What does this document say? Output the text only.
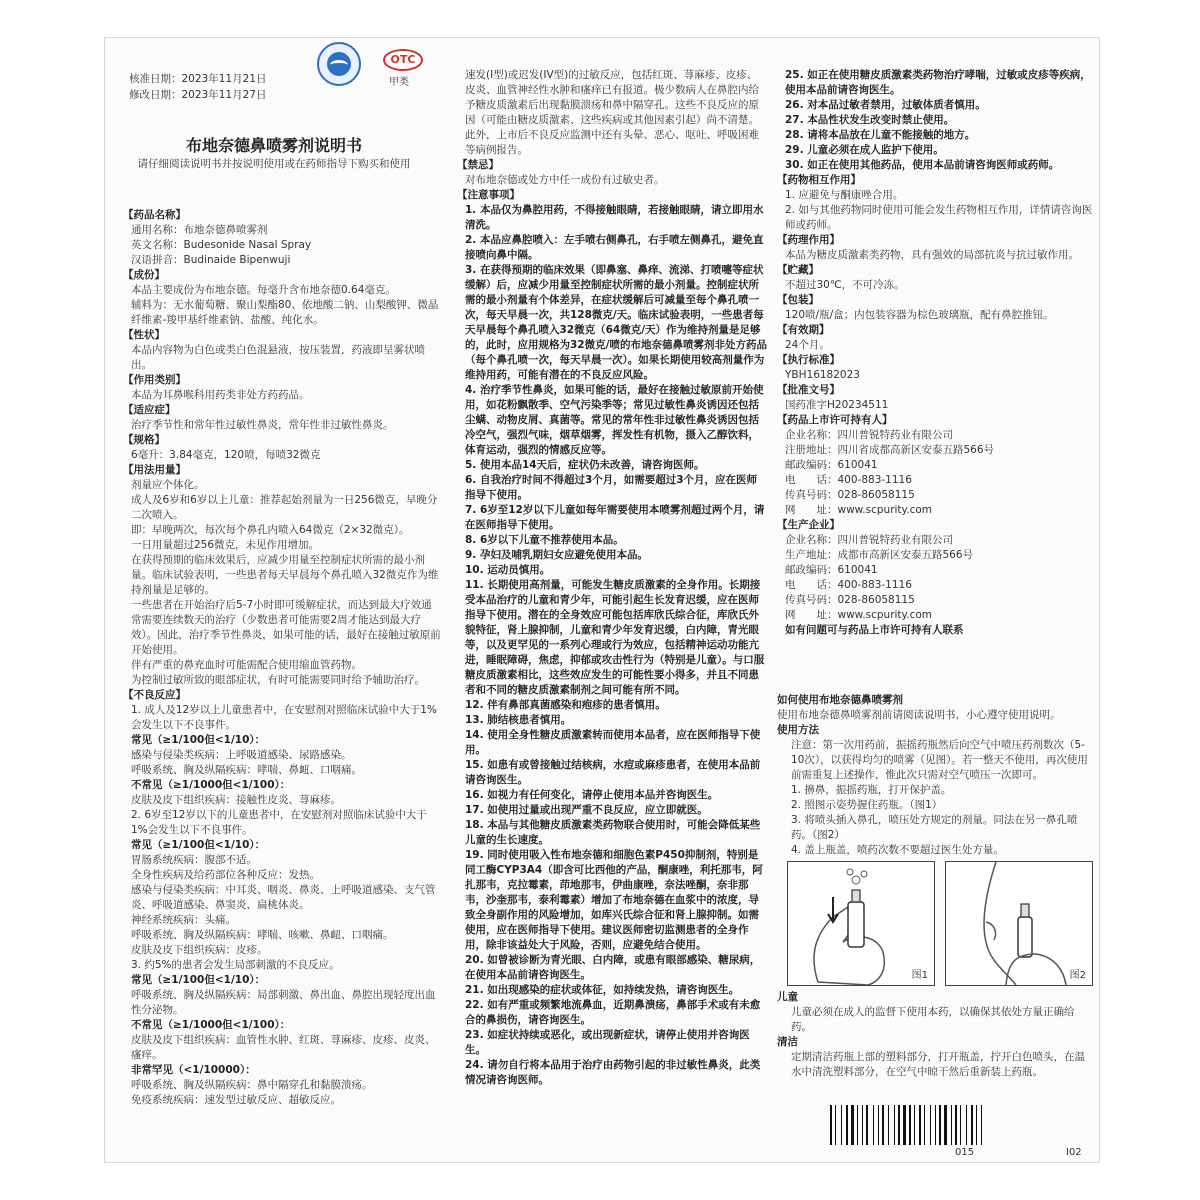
OTC
甲类
核准日期：2023年11月21日
修改日期：2023年11月27日
布地奈德鼻喷雾剂说明书
请仔细阅读说明书并按说明使用或在药师指导下购买和使用

【药品名称】

通用名称：布地奈德鼻喷雾剂

英文名称：Budesonide Nasal Spray

汉语拼音：Budinaide Bipenwuji

【成份】

本品主要成份为布地奈德。每毫升含布地奈德0.64毫克。

辅料为：无水葡萄糖、聚山梨酯80、依地酸二钠、山梨酸钾、微晶纤维素-羧甲基纤维素钠、盐酸、纯化水。

【性状】

本品内容物为白色或类白色混悬液，按压装置，药液即呈雾状喷出。

【作用类别】

本品为耳鼻喉科用药类非处方药药品。

【适应症】

治疗季节性和常年性过敏性鼻炎，常年性非过敏性鼻炎。

【规格】

6毫升：3.84毫克，120喷，每喷32微克

【用法用量】

剂量应个体化。

成人及6岁和6岁以上儿童：推荐起始剂量为一日256微克，早晚分二次喷入。

即：早晚两次，每次每个鼻孔内喷入64微克（2×32微克）。

一日用量超过256微克，未见作用增加。

在获得预期的临床效果后，应减少用量至控制症状所需的最小剂量。临床试验表明，一些患者每天早晨每个鼻孔喷入32微克作为维持剂量是足够的。

一些患者在开始治疗后5-7小时即可缓解症状，而达到最大疗效通常需要连续数天的治疗（少数患者可能需要2周才能达到最大疗效）。因此，治疗季节性鼻炎，如果可能的话，最好在接触过敏原前开始使用。

伴有严重的鼻充血时可能需配合使用缩血管药物。

为控制过敏所致的眼部症状，有时可能需要同时给予辅助治疗。

【不良反应】

1. 成人及12岁以上儿童患者中，在安慰剂对照临床试验中大于1%会发生以下不良事件。

常见（≥1/100但<1/10）：

感染与侵染类疾病：上呼吸道感染、尿路感染。

呼吸系统、胸及纵隔疾病：哮喘、鼻衄、口咽痛。

不常见（≥1/1000但<1/100）：

皮肤及皮下组织疾病：接触性皮炎、荨麻疹。

2. 6岁至12岁以下的儿童患者中，在安慰剂对照临床试验中大于1%会发生以下不良事件。

常见（≥1/100但<1/10）：

胃肠系统疾病：腹部不适。

全身性疾病及给药部位各种反应：发热。

感染与侵染类疾病：中耳炎、咽炎、鼻炎、上呼吸道感染、支气管炎、呼吸道感染、鼻窦炎、扁桃体炎。

神经系统疾病：头痛。

呼吸系统、胸及纵隔疾病：哮喘、咳嗽、鼻衄、口咽痛。

皮肤及皮下组织疾病：皮疹。

3. 约5%的患者会发生局部刺激的不良反应。

常见（≥1/100但<1/10）：

呼吸系统、胸及纵隔疾病：局部刺激、鼻出血、鼻腔出现轻度出血性分泌物。

不常见（≥1/1000但<1/100）：

皮肤及皮下组织疾病：血管性水肿、红斑、荨麻疹、皮疹、皮炎、瘙痒。

非常罕见（<1/10000）：

呼吸系统、胸及纵隔疾病：鼻中隔穿孔和黏膜溃疡。

免疫系统疾病：速发型过敏反应、超敏反应。

速发(I型)或迟发(IV型)的过敏反应，包括红斑、荨麻疹、皮疹、皮炎、血管神经性水肿和瘙痒已有报道。极少数病人在鼻腔内给予糖皮质激素后出现黏膜溃疡和鼻中隔穿孔。这些不良反应的原因（可能由糖皮质激素、这些疾病或其他因素引起）尚不清楚。

此外，上市后不良反应监测中还有头晕、恶心、呕吐、呼吸困难等病例报告。

【禁忌】

对布地奈德或处方中任一成份有过敏史者。

【注意事项】

1. 本品仅为鼻腔用药，不得接触眼睛，若接触眼睛，请立即用水清洗。

2. 本品应鼻腔喷入：左手喷右侧鼻孔，右手喷左侧鼻孔，避免直接喷向鼻中隔。

3. 在获得预期的临床效果（即鼻塞、鼻痒、流涕、打喷嚏等症状缓解）后，应减少用量至控制症状所需的最小剂量。控制症状所需的最小剂量有个体差异，在症状缓解后可减量至每个鼻孔喷一次，每天早晨一次，共128微克/天。临床试验表明，一些患者每天早晨每个鼻孔喷入32微克（64微克/天）作为维持剂量是足够的，此时，应用规格为32微克/喷的布地奈德鼻喷雾剂非处方药品（每个鼻孔喷一次，每天早晨一次）。如果长期使用较高剂量作为维持用药，可能有潜在的不良反应风险。

4. 治疗季节性鼻炎，如果可能的话，最好在接触过敏原前开始使用，如花粉飘散季、空气污染季等；常见过敏性鼻炎诱因还包括尘螨、动物皮屑、真菌等。常见的常年性非过敏性鼻炎诱因包括冷空气，强烈气味，烟草烟雾，挥发性有机物，摄入乙醇饮料，体育运动，强烈的情感反应等。

5. 使用本品14天后，症状仍未改善，请咨询医师。

6. 自我治疗时间不得超过3个月，如需要超过3个月，应在医师指导下使用。

7. 6岁至12岁以下儿童如每年需要使用本喷雾剂超过两个月，请在医师指导下使用。

8. 6岁以下儿童不推荐使用本品。

9. 孕妇及哺乳期妇女应避免使用本品。

10. 运动员慎用。

11. 长期使用高剂量，可能发生糖皮质激素的全身作用。长期接受本品治疗的儿童和青少年，可能引起生长发育迟缓，应在医师指导下使用。潜在的全身效应可能包括库欣氏综合征，库欣氏外貌特征，肾上腺抑制，儿童和青少年发育迟缓，白内障，青光眼等，以及更罕见的一系列心理或行为效应，包括精神运动功能亢进，睡眠障碍，焦虑，抑郁或攻击性行为（特别是儿童）。与口服糖皮质激素相比，这些效应发生的可能性要小得多，并且不同患者和不同的糖皮质激素制剂之间可能有所不同。

12. 伴有鼻部真菌感染和疱疹的患者慎用。

13. 肺结核患者慎用。

14. 使用全身性糖皮质激素转而使用本品者，应在医师指导下使用。

15. 如患有或曾接触过结核病，水痘或麻疹患者，在使用本品前请咨询医生。

16. 如视力有任何变化，请停止使用本品并咨询医生。

17. 如使用过量或出现严重不良反应，应立即就医。

18. 本品与其他糖皮质激素类药物联合使用时，可能会降低某些儿童的生长速度。

19. 同时使用吸入性布地奈德和细胞色素P450抑制剂，特别是同工酶CYP3A4（即含可比西他的产品，酮康唑，利托那韦，阿扎那韦，克拉霉素，茚地那韦，伊曲康唑，奈法唑酮，奈非那韦，沙奎那韦，泰利霉素）增加了布地奈德在血浆中的浓度，导致全身副作用的风险增加，如库兴氏综合征和肾上腺抑制。如需使用，应在医师指导下使用。建议医师密切监测患者的全身作用，除非该益处大于风险，否则，应避免结合使用。

20. 如曾被诊断为青光眼、白内障，或患有眼部感染、糖尿病，在使用本品前请咨询医生。

21. 如出现感染的症状或体征，如持续发热，请咨询医生。

22. 如有严重或频繁地流鼻血，近期鼻溃疡，鼻部手术或有未愈合的鼻损伤，请咨询医生。

23. 如症状持续或恶化，或出现新症状，请停止使用并咨询医生。

24. 请勿自行将本品用于治疗由药物引起的非过敏性鼻炎，此类情况请咨询医师。

25. 如正在使用糖皮质激素类药物治疗哮喘，过敏或皮疹等疾病，使用本品前请咨询医生。

26. 对本品过敏者禁用，过敏体质者慎用。

27. 本品性状发生改变时禁止使用。

28. 请将本品放在儿童不能接触的地方。

29. 儿童必须在成人监护下使用。

30. 如正在使用其他药品，使用本品前请咨询医师或药师。

【药物相互作用】

1. 应避免与酮康唑合用。

2. 如与其他药物同时使用可能会发生药物相互作用，详情请咨询医师或药师。

【药理作用】

本品为糖皮质激素类药物，具有强效的局部抗炎与抗过敏作用。

【贮藏】

不超过30℃，不可冷冻。

【包装】

120喷/瓶/盒；内包装容器为棕色玻璃瓶，配有鼻腔推钮。

【有效期】

24个月。

【执行标准】

YBH16182023

【批准文号】

国药准字H20234511

【药品上市许可持有人】

企业名称：四川普锐特药业有限公司

注册地址：四川省成都高新区安泰五路566号

邮政编码：610041

电　　话：400-883-1116

传真号码：028-86058115

网　　址：www.scpurity.com

【生产企业】

企业名称：四川普锐特药业有限公司

生产地址：成都市高新区安泰五路566号

邮政编码：610041

电　　话：400-883-1116

传真号码：028-86058115

网　　址：www.scpurity.com

如有问题可与药品上市许可持有人联系

如何使用布地奈德鼻喷雾剂

使用布地奈德鼻喷雾剂前请阅读说明书，小心遵守使用说明。

使用方法

注意：第一次用药前，振摇药瓶然后向空气中喷压药剂数次（5-10次），以获得均匀的喷雾（见图）。若一整天不使用，再次使用前需重复上述操作，惟此次只需对空气喷压一次即可。

1. 擤鼻，振摇药瓶，打开保护盖。

2. 照图示姿势握住药瓶。（图1）

3. 将喷头插入鼻孔，喷压处方规定的剂量。同法在另一鼻孔喷药。（图2）

4. 盖上瓶盖，喷药次数不要超过医生处方量。

图1	图2

儿童

儿童必须在成人的监督下使用本药，以确保其依处方量正确给药。

清洁

定期清洁药瓶上部的塑料部分，打开瓶盖，拧开白色喷头，在温水中清洗塑料部分，在空气中晾干然后重新装上药瓶。

015	I02
